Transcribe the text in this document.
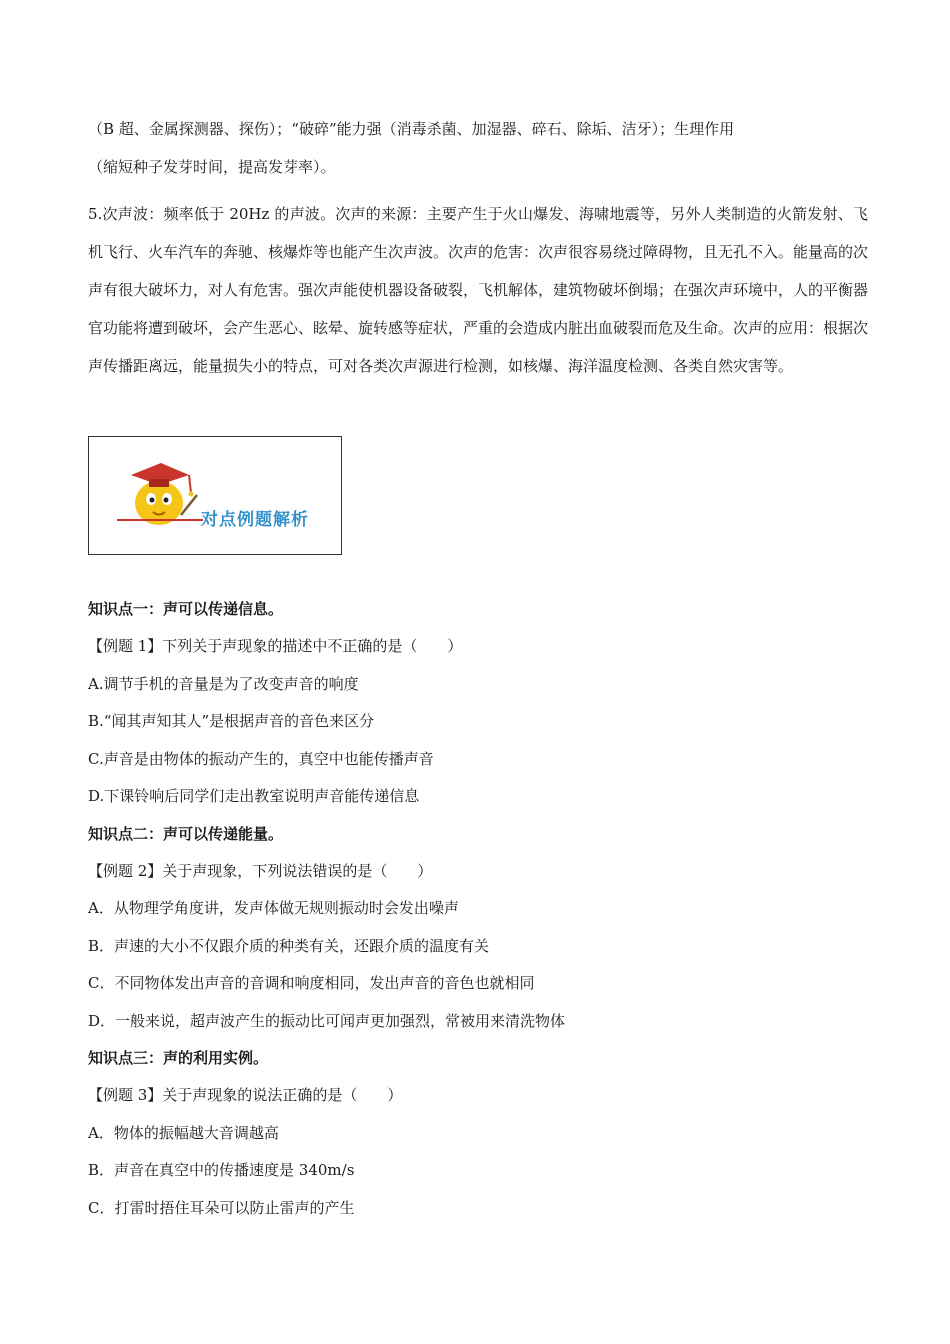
（B 超、金属探测器、探伤）；“破碎”能力强（消毒杀菌、加湿器、碎石、除垢、洁牙）；生理作用
（缩短种子发芽时间，提高发芽率）。
5.次声波：频率低于 20Hz 的声波。次声的来源：主要产生于火山爆发、海啸地震等，另外人类制造的火箭发射、飞机飞行、火车汽车的奔驰、核爆炸等也能产生次声波。次声的危害：次声很容易绕过障碍物，且无孔不入。能量高的次声有很大破坏力，对人有危害。强次声能使机器设备破裂，飞机解体，建筑物破坏倒塌；在强次声环境中，人的平衡器官功能将遭到破坏，会产生恶心、眩晕、旋转感等症状，严重的会造成内脏出血破裂而危及生命。次声的应用：根据次声传播距离远，能量损失小的特点，可对各类次声源进行检测，如核爆、海洋温度检测、各类自然灾害等。
对点例题解析
知识点一：声可以传递信息。
【例题 1】下列关于声现象的描述中不正确的是（　　）
A.调节手机的音量是为了改变声音的响度
B.“闻其声知其人”是根据声音的音色来区分
C.声音是由物体的振动产生的，真空中也能传播声音
D.下课铃响后同学们走出教室说明声音能传递信息
知识点二：声可以传递能量。
【例题 2】关于声现象，下列说法错误的是（　　）
A．从物理学角度讲，发声体做无规则振动时会发出噪声
B．声速的大小不仅跟介质的种类有关，还跟介质的温度有关
C．不同物体发出声音的音调和响度相同，发出声音的音色也就相同
D．一般来说，超声波产生的振动比可闻声更加强烈，常被用来清洗物体
知识点三：声的利用实例。
【例题 3】关于声现象的说法正确的是（　　）
A．物体的振幅越大音调越高
B．声音在真空中的传播速度是 340m/s
C．打雷时捂住耳朵可以防止雷声的产生
